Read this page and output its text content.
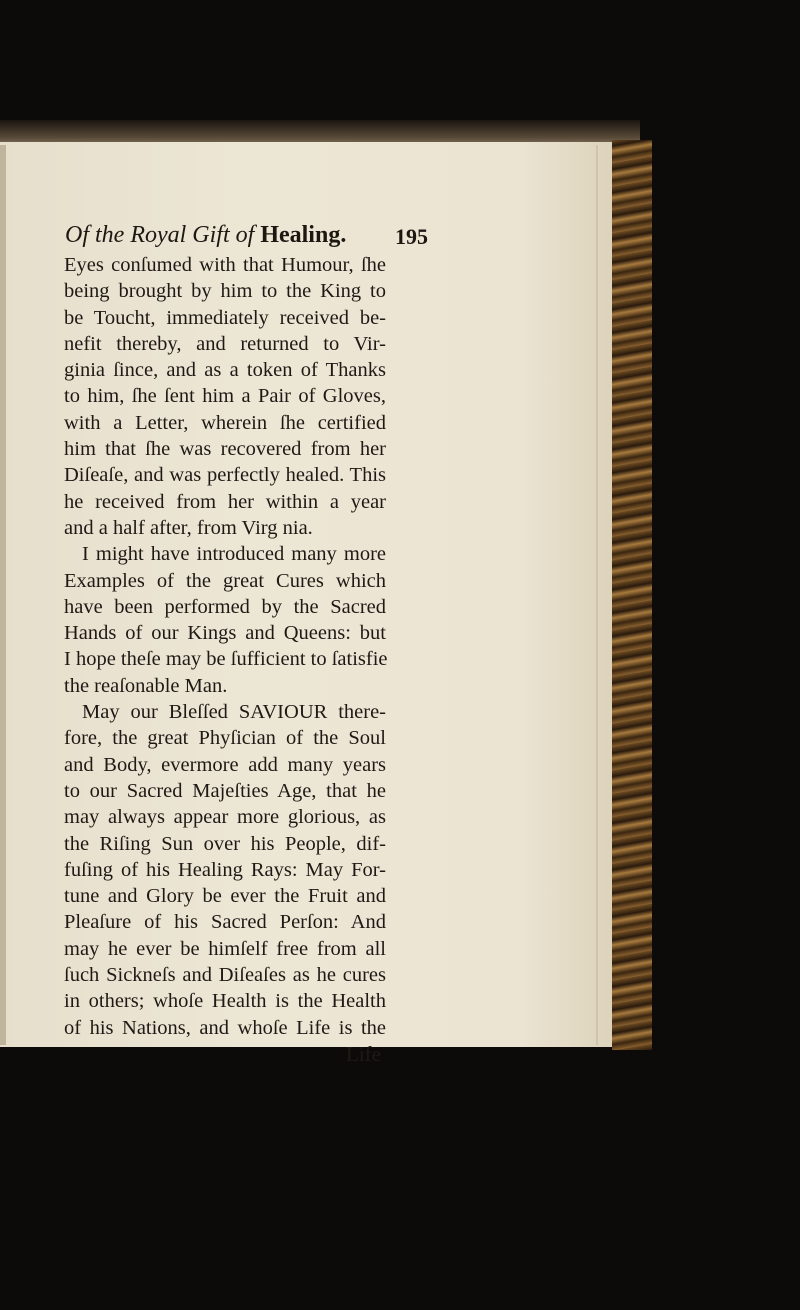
Of the Royal Gift of Healing.	195
Eyes conſumed with that Humour, ſhe
being brought by him to the King to
be Toucht, immediately received be-
nefit thereby, and returned to Vir-
ginia ſince, and as a token of Thanks
to him, ſhe ſent him a Pair of Gloves,
with a Letter, wherein ſhe certified
him that ſhe was recovered from her
Diſeaſe, and was perfectly healed. This
he received from her within a year
and a half after, from Virg nia.
I might have introduced many more
Examples of the great Cures which
have been performed by the Sacred
Hands of our Kings and Queens: but
I hope theſe may be ſufficient to ſatisfie
the reaſonable Man.
May our Bleſſed SAVIOUR there-
fore, the great Phyſician of the Soul
and Body, evermore add many years
to our Sacred Majeſties Age, that he
may always appear more glorious, as
the Riſing Sun over his People, dif-
fuſing of his Healing Rays: May For-
tune and Glory be ever the Fruit and
Pleaſure of his Sacred Perſon: And
may he ever be himſelf free from all
ſuch Sickneſs and Diſeaſes as he cures
in others; whoſe Health is the Health
of his Nations, and whoſe Life is the
Life
